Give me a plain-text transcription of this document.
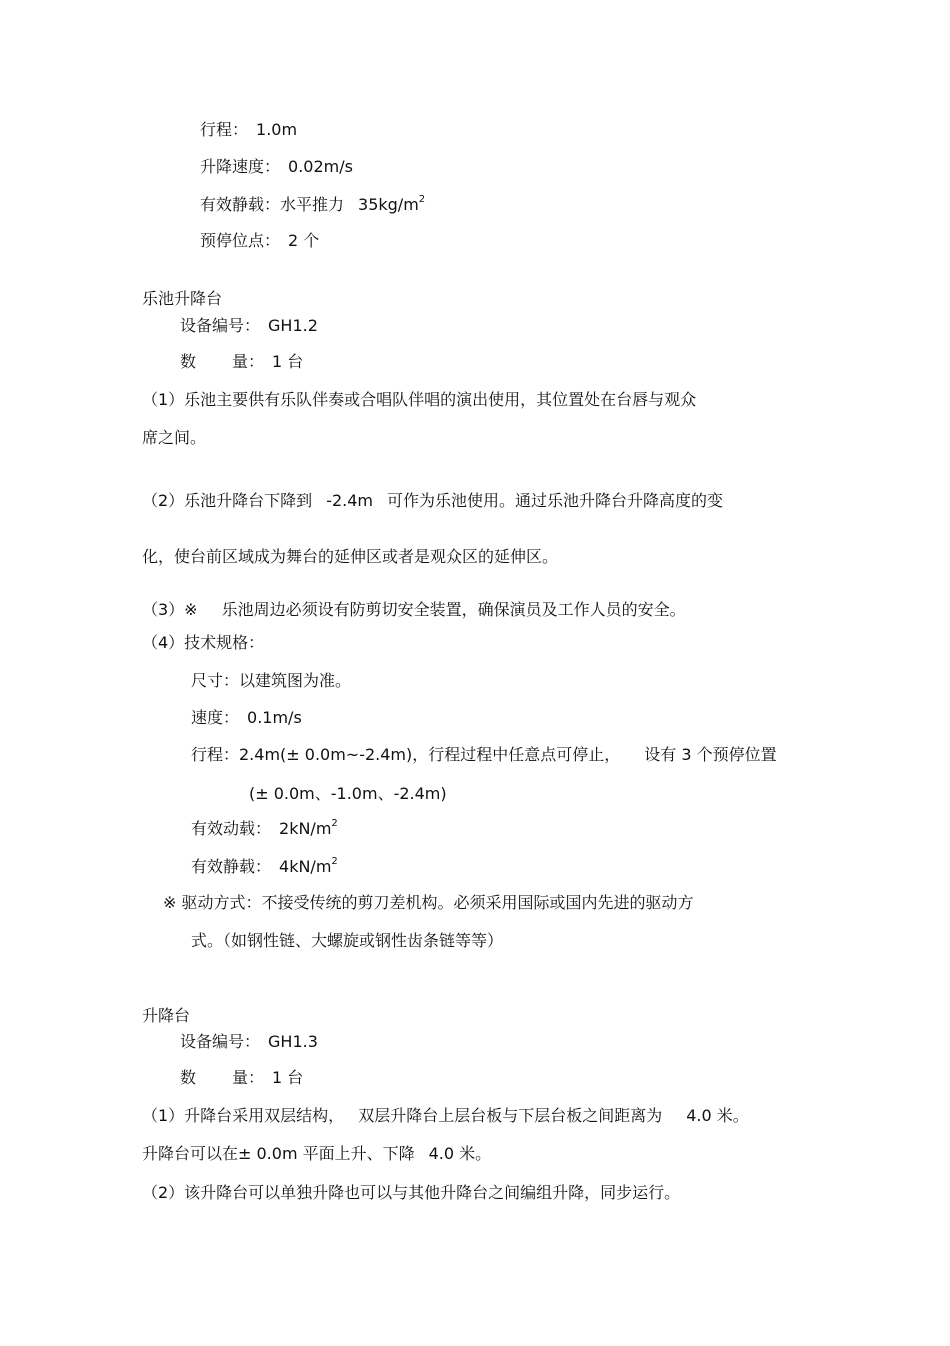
行程： 1.0m
升降速度： 0.02m/s
有效静载：水平推力 $35kg/m^2$
预停位点： 2 个
乐池升降台
设备编号： GH1.2
数 量： 1 台
（1）乐池主要供有乐队伴奏或合唱队伴唱的演出使用，其位置处在台唇与观众
席之间。
（2）乐池升降台下降到 -2.4m 可作为乐池使用。通过乐池升降台升降高度的变
化，使台前区域成为舞台的延伸区或者是观众区的延伸区。
（3）※ 乐池周边必须设有防剪切安全装置，确保演员及工作人员的安全。
（4）技术规格：
尺寸：以建筑图为准。
速度： 0.1m/s
行程：2.4m(± 0.0m~-2.4m)，行程过程中任意点可停止， 设有 3 个预停位置
(± 0.0m、-1.0m、-2.4m)
有效动载： $2kN/m^2$
有效静载： $4kN/m^2$
※ 驱动方式：不接受传统的剪刀差机构。必须采用国际或国内先进的驱动方
式。（如钢性链、大螺旋或钢性齿条链等等）
升降台
设备编号： GH1.3
数 量： 1 台
（1）升降台采用双层结构， 双层升降台上层台板与下层台板之间距离为 4.0 米。
升降台可以在± 0.0m 平面上升、下降 4.0 米。
（2）该升降台可以单独升降也可以与其他升降台之间编组升降，同步运行。
